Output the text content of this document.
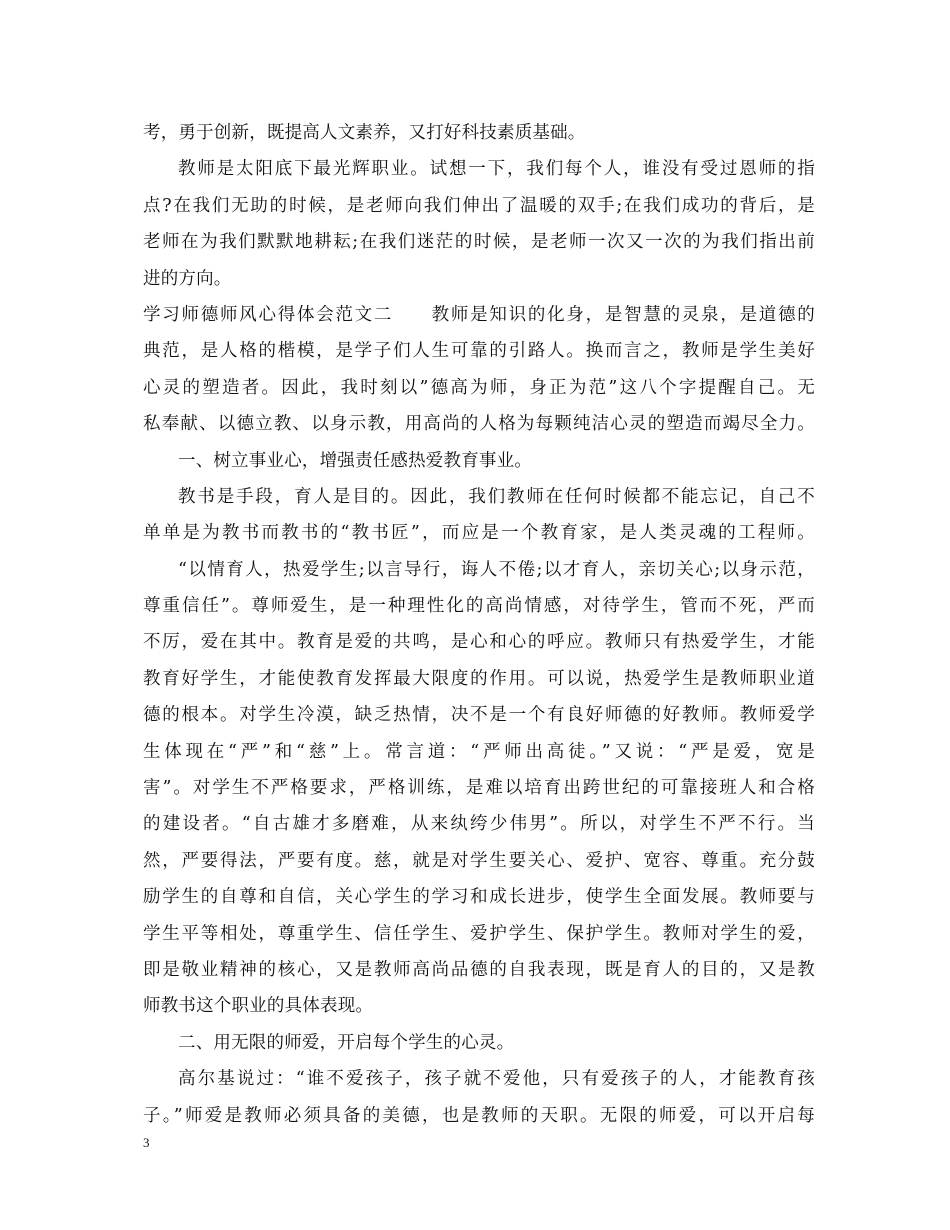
考，勇于创新，既提高人文素养，又打好科技素质基础。
教师是太阳底下最光辉职业。试想一下，我们每个人，谁没有受过恩师的指
点?在我们无助的时候，是老师向我们伸出了温暖的双手;在我们成功的背后，是
老师在为我们默默地耕耘;在我们迷茫的时候，是老师一次又一次的为我们指出前
进的方向。
学习师德师风心得体会范文二　　教师是知识的化身，是智慧的灵泉，是道德的
典范，是人格的楷模，是学子们人生可靠的引路人。换而言之，教师是学生美好
心灵的塑造者。因此，我时刻以”德高为师，身正为范”这八个字提醒自己。无
私奉献、以德立教、以身示教，用高尚的人格为每颗纯洁心灵的塑造而竭尽全力。
一、树立事业心，增强责任感热爱教育事业。
教书是手段，育人是目的。因此，我们教师在任何时候都不能忘记，自己不
单单是为教书而教书的“教书匠”，而应是一个教育家，是人类灵魂的工程师。
“以情育人，热爱学生;以言导行，诲人不倦;以才育人，亲切关心;以身示范，
尊重信任”。尊师爱生，是一种理性化的高尚情感，对待学生，管而不死，严而
不厉，爱在其中。教育是爱的共鸣，是心和心的呼应。教师只有热爱学生，才能
教育好学生，才能使教育发挥最大限度的作用。可以说，热爱学生是教师职业道
德的根本。对学生冷漠，缺乏热情，决不是一个有良好师德的好教师。教师爱学
生体现在“严”和“慈”上。常言道：“严师出高徒。”又说：“严是爱，宽是
害”。对学生不严格要求，严格训练，是难以培育出跨世纪的可靠接班人和合格
的建设者。“自古雄才多磨难，从来纨绔少伟男”。所以，对学生不严不行。当
然，严要得法，严要有度。慈，就是对学生要关心、爱护、宽容、尊重。充分鼓
励学生的自尊和自信，关心学生的学习和成长进步，使学生全面发展。教师要与
学生平等相处，尊重学生、信任学生、爱护学生、保护学生。教师对学生的爱，
即是敬业精神的核心，又是教师高尚品德的自我表现，既是育人的目的，又是教
师教书这个职业的具体表现。
二、用无限的师爱，开启每个学生的心灵。
高尔基说过：“谁不爱孩子，孩子就不爱他，只有爱孩子的人，才能教育孩
子。”师爱是教师必须具备的美德，也是教师的天职。无限的师爱，可以开启每
3
